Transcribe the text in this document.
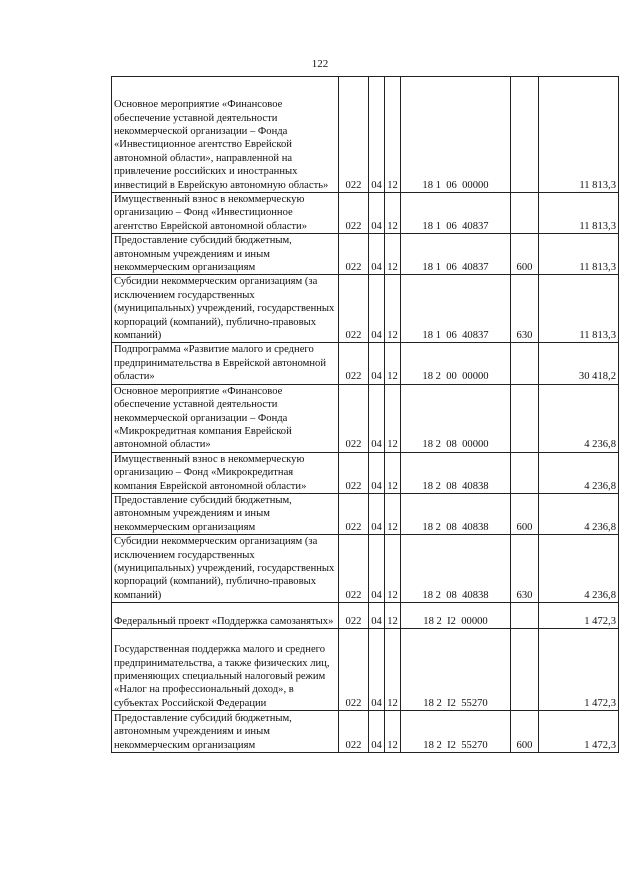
122
Основное мероприятие «Финансовое обеспечение уставной деятельности некоммерческой организации – Фонда «Инвестиционное агентство Еврейской автономной области», направленной на привлечение российских и иностранных инвестиций в Еврейскую автономную область»	022	04	12	18 1  06  00000		11 813,3
Имущественный взнос в некоммерческую организацию – Фонд «Инвестиционное агентство Еврейской автономной области»	022	04	12	18 1  06  40837		11 813,3
Предоставление субсидий бюджетным, автономным учреждениям и иным некоммерческим организациям	022	04	12	18 1  06  40837	600	11 813,3
Субсидии некоммерческим организациям (за исключением государственных (муниципальных) учреждений, государственных корпораций (компаний), публично-правовых компаний)	022	04	12	18 1  06  40837	630	11 813,3
Подпрограмма «Развитие малого и среднего предпринимательства в Еврейской автономной области»	022	04	12	18 2  00  00000		30 418,2
Основное мероприятие «Финансовое обеспечение уставной деятельности некоммерческой организации – Фонда «Микрокредитная компания Еврейской автономной области»	022	04	12	18 2  08  00000		4 236,8
Имущественный взнос в некоммерческую организацию – Фонд «Микрокредитная компания Еврейской автономной области»	022	04	12	18 2  08  40838		4 236,8
Предоставление субсидий бюджетным, автономным учреждениям и иным некоммерческим организациям	022	04	12	18 2  08  40838	600	4 236,8
Субсидии некоммерческим организациям (за исключением государственных (муниципальных) учреждений, государственных корпораций (компаний), публично-правовых компаний)	022	04	12	18 2  08  40838	630	4 236,8
Федеральный проект «Поддержка самозанятых»	022	04	12	18 2  I2  00000		1 472,3
Государственная поддержка малого и среднего предпринимательства, а также физических лиц, применяющих специальный налоговый режим «Налог на профессиональный доход», в субъектах Российской Федерации	022	04	12	18 2  I2  55270		1 472,3
Предоставление субсидий бюджетным, автономным учреждениям и иным некоммерческим организациям	022	04	12	18 2  I2  55270	600	1 472,3
